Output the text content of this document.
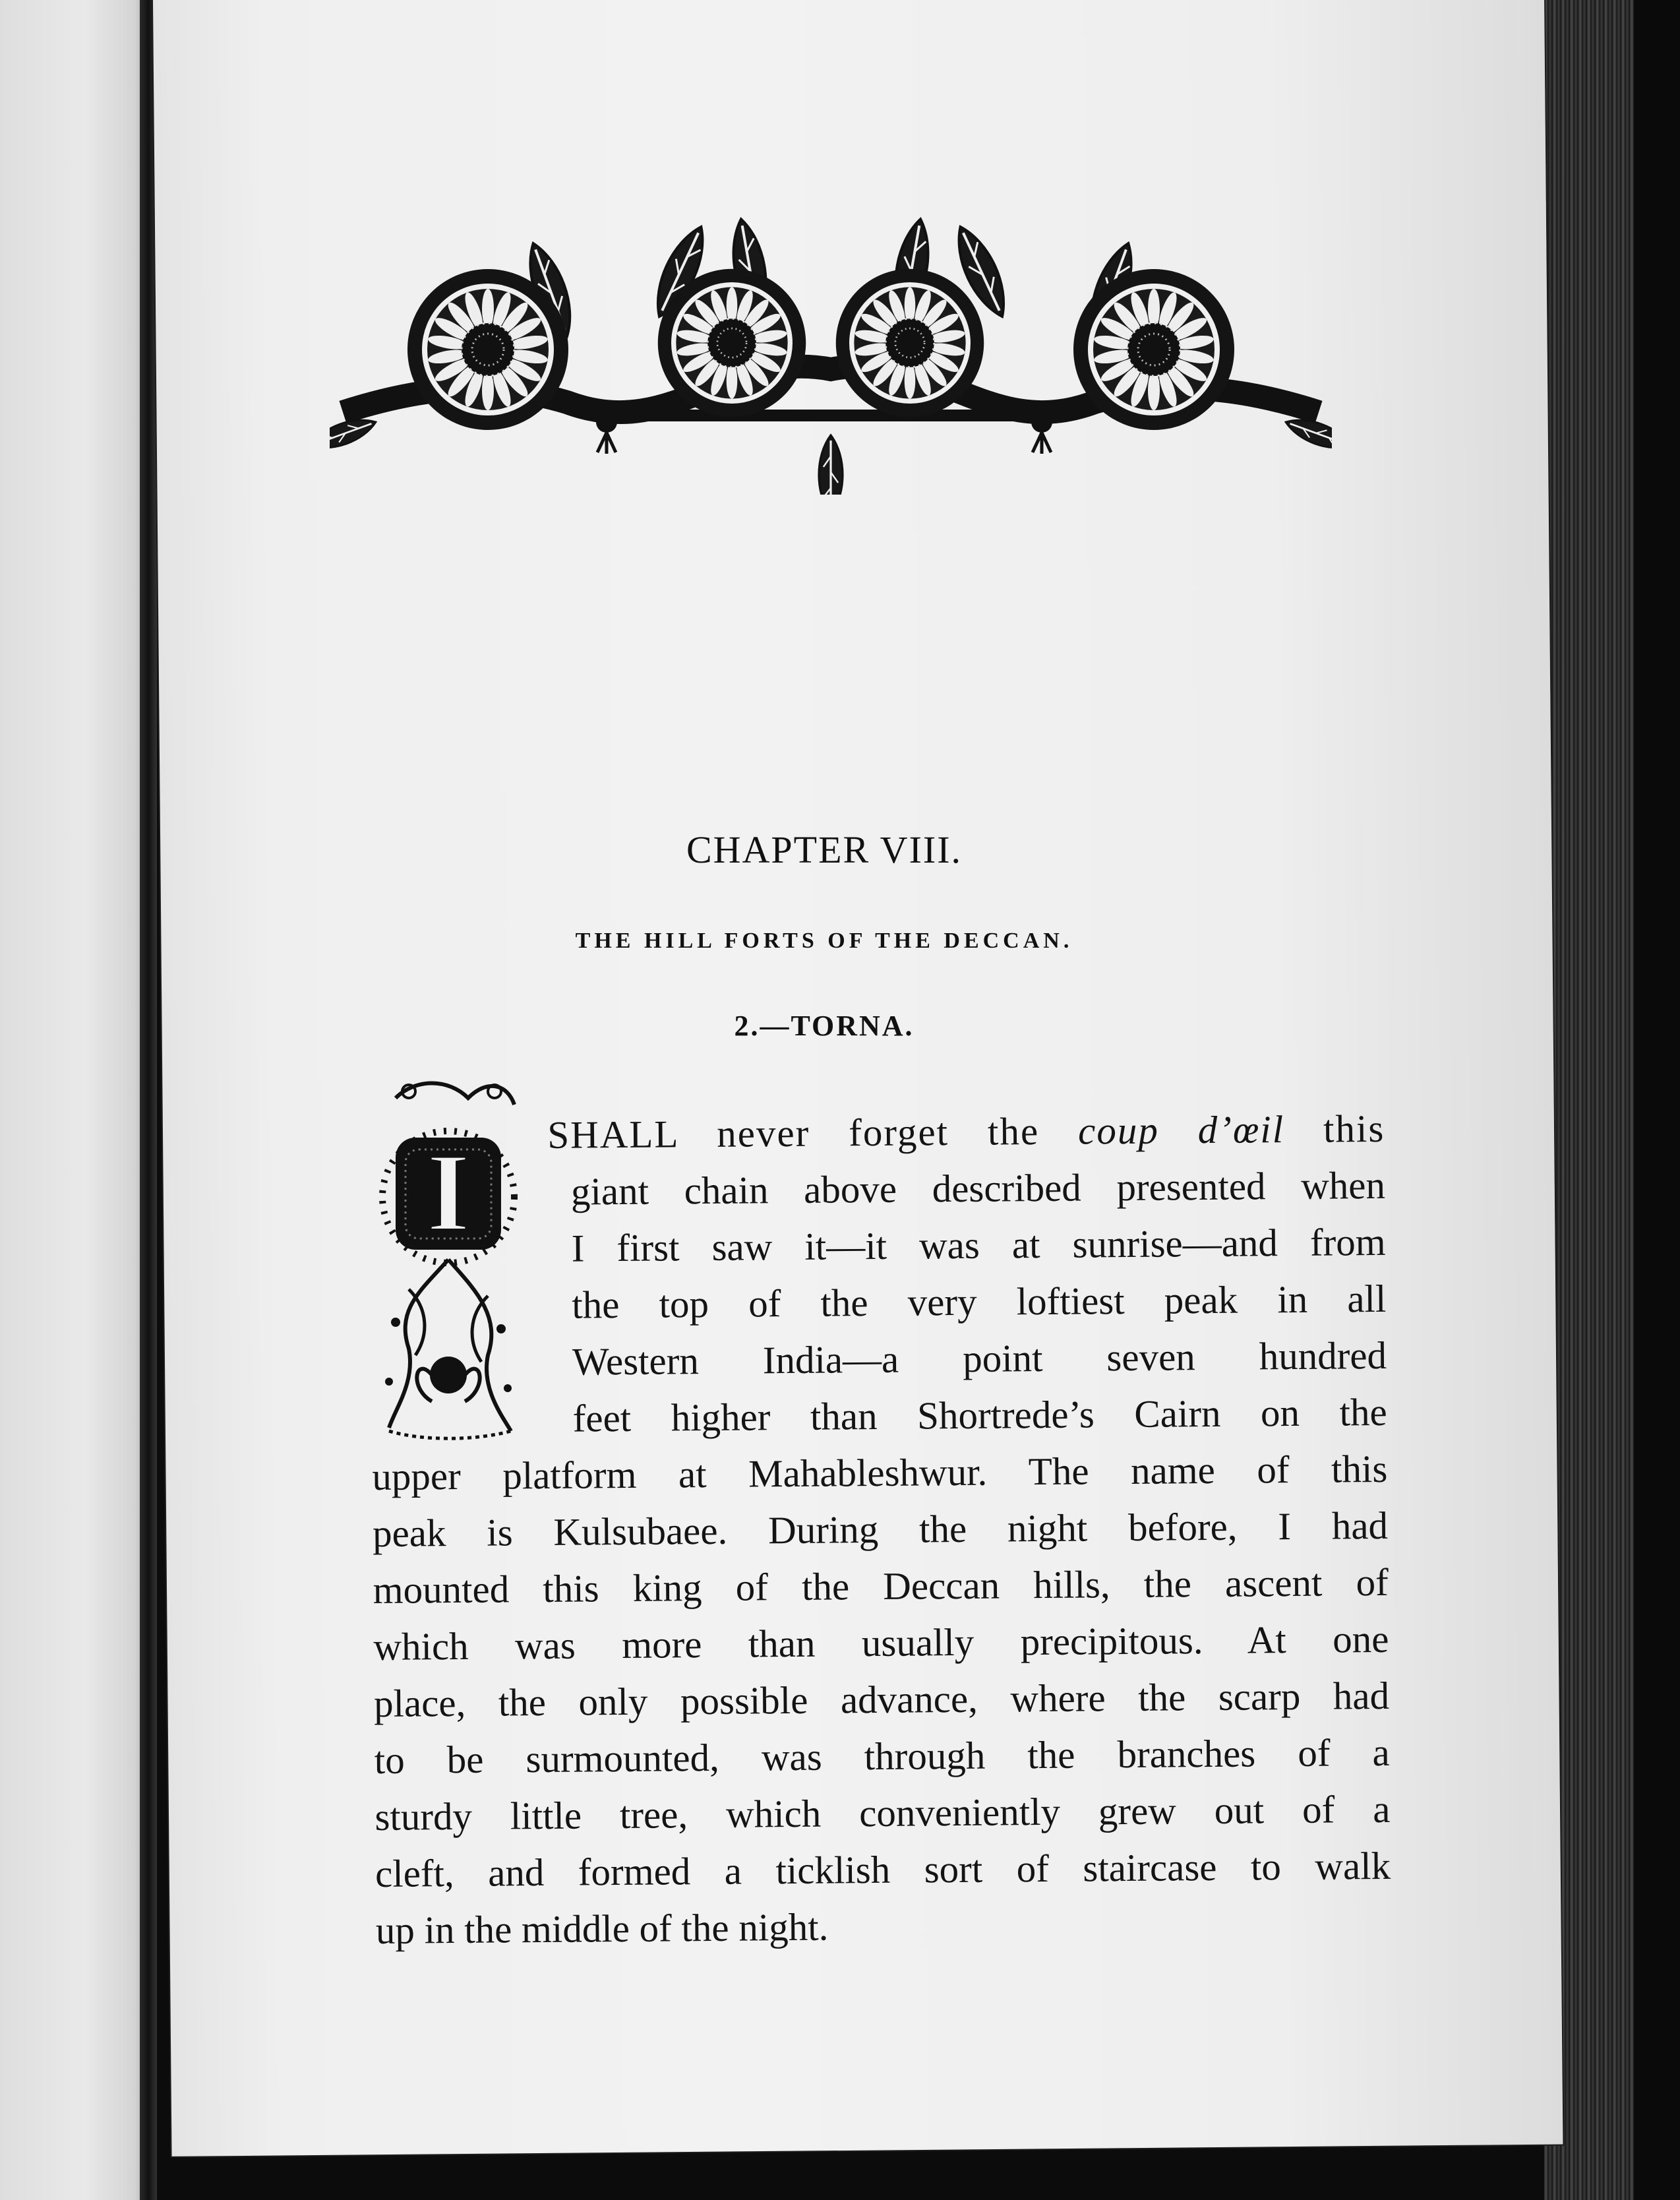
CHAPTER VIII.
THE HILL FORTS OF THE DECCAN.
2.—TORNA.
I SHALL never forget the coup d’œil this
giant chain above described presented when
I first saw it—it was at sunrise—and from
the top of the very loftiest peak in all
Western India—a point seven hundred
feet higher than Shortrede’s Cairn on the
upper platform at Mahableshwur. The name of this
peak is Kulsubaee. During the night before, I had
mounted this king of the Deccan hills, the ascent of
which was more than usually precipitous. At one
place, the only possible advance, where the scarp had
to be surmounted, was through the branches of a
sturdy little tree, which conveniently grew out of a
cleft, and formed a ticklish sort of staircase to walk
up in the middle of the night.
